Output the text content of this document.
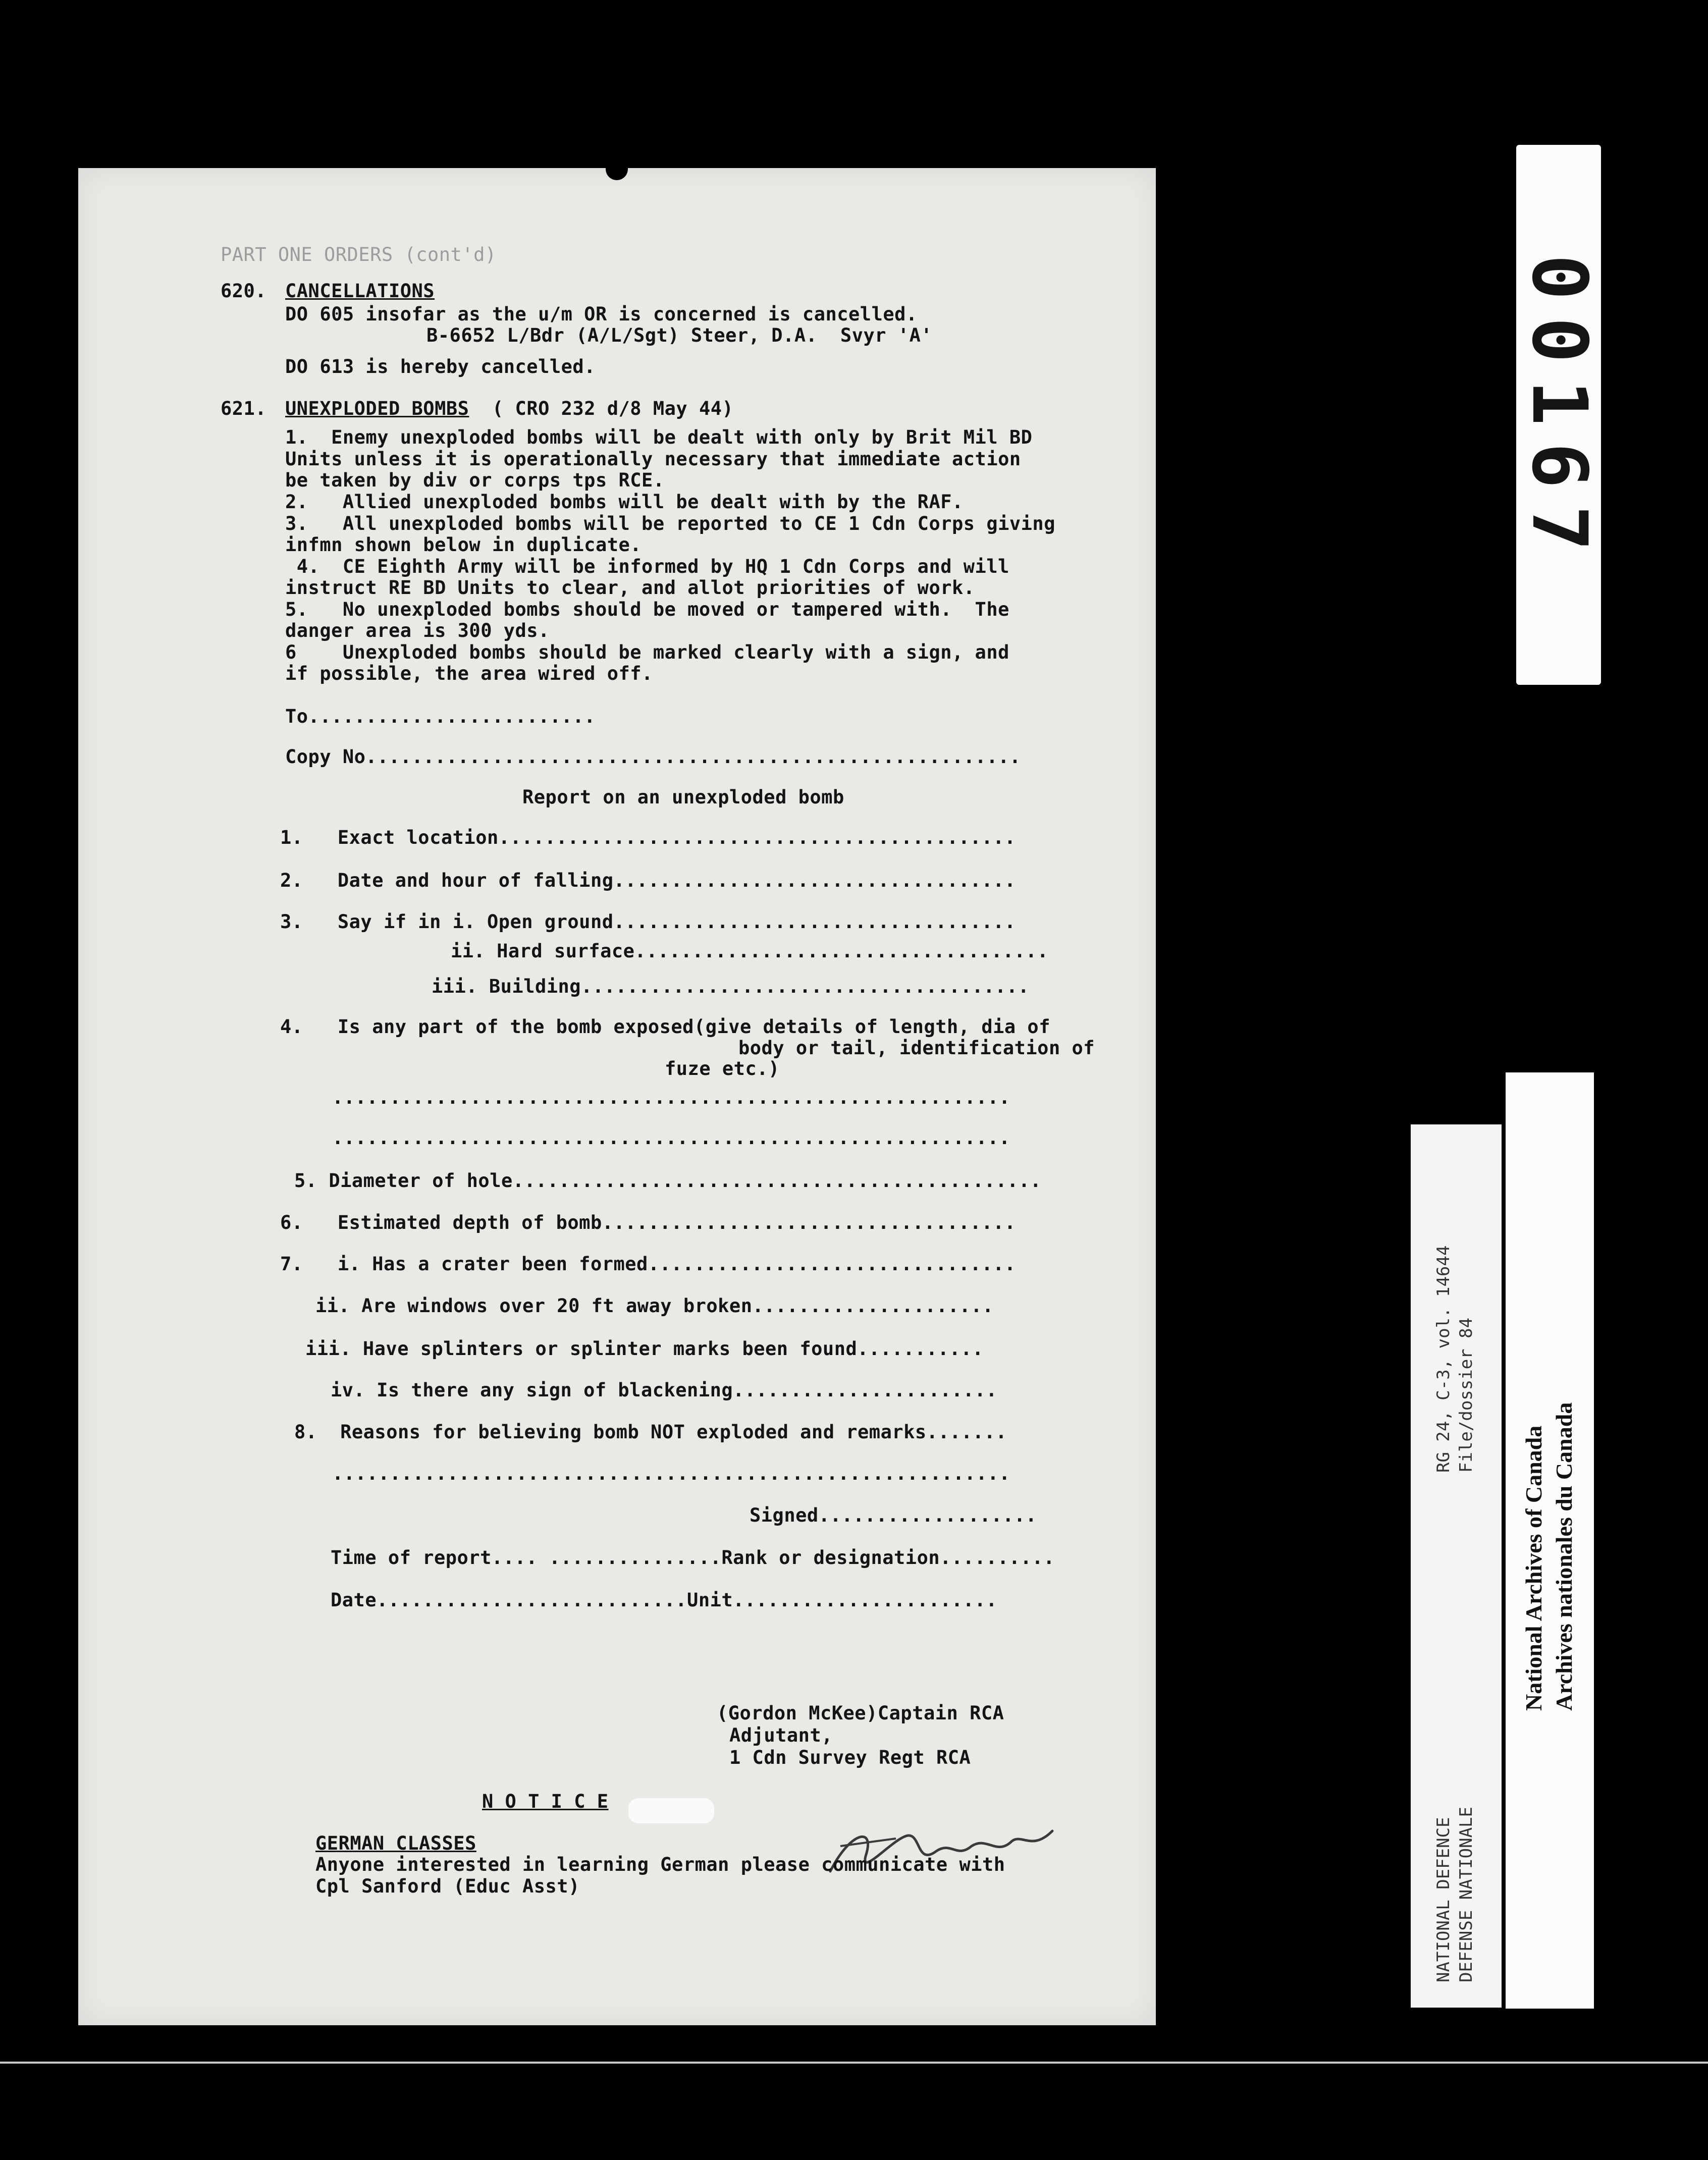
PART ONE ORDERS (cont'd)
620. CANCELLATIONS
DO 605 insofar as the u/m OR is concerned is cancelled.
B-6652 L/Bdr (A/L/Sgt) Steer, D.A.  Svyr 'A'
DO 613 is hereby cancelled.
621. UNEXPLODED BOMBS ( CRO 232 d/8 May 44)
1.  Enemy unexploded bombs will be dealt with only by Brit Mil BD
Units unless it is operationally necessary that immediate action
be taken by div or corps tps RCE.
2.   Allied unexploded bombs will be dealt with by the RAF.
3.   All unexploded bombs will be reported to CE 1 Cdn Corps giving
infmn shown below in duplicate.
4.  CE Eighth Army will be informed by HQ 1 Cdn Corps and will
instruct RE BD Units to clear, and allot priorities of work.
5.   No unexploded bombs should be moved or tampered with.  The
danger area is 300 yds.
6    Unexploded bombs should be marked clearly with a sign, and
if possible, the area wired off.
To.........................
Copy No.........................................................
Report on an unexploded bomb
1.   Exact location.............................................
2.   Date and hour of falling...................................
3.   Say if in i. Open ground...................................
ii. Hard surface....................................
iii. Building.......................................
4.   Is any part of the bomb exposed(give details of length, dia of
body or tail, identification of
fuze etc.)
...........................................................
...........................................................
5. Diameter of hole..............................................
6.   Estimated depth of bomb....................................
7.   i. Has a crater been formed................................
ii. Are windows over 20 ft away broken.....................
iii. Have splinters or splinter marks been found...........
iv. Is there any sign of blackening.......................
8.  Reasons for believing bomb NOT exploded and remarks.......
...........................................................
Signed...................
Time of report.... ...............Rank or designation..........
Date...........................Unit.......................
(Gordon McKee)Captain RCA
Adjutant,
1 Cdn Survey Regt RCA
N O T I C E
GERMAN CLASSES
Anyone interested in learning German please communicate with
Cpl Sanford (Educ Asst)
00167
RG 24, C-3, vol. 14644 File/dossier 84
NATIONAL DEFENCE DEFENSE NATIONALE
National Archives of Canada Archives nationales du Canada
